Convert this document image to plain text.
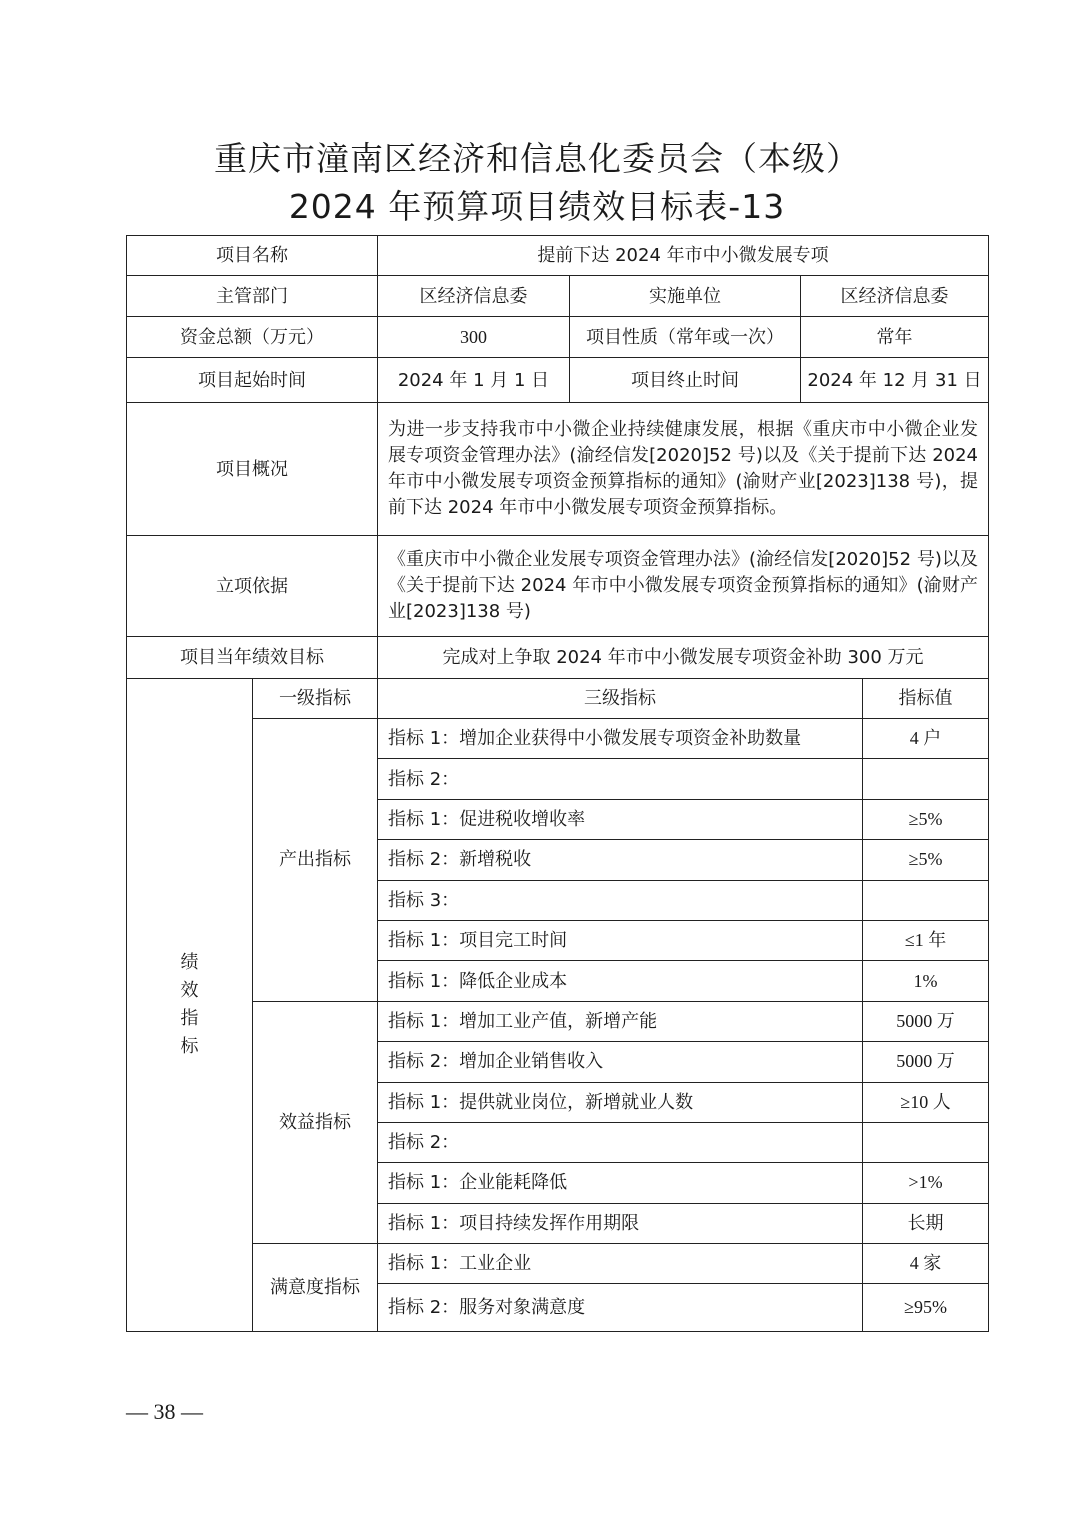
重庆市潼南区经济和信息化委员会（本级）
2024 年预算项目绩效目标表-13
项目名称		提前下达 2024 年市中小微发展专项			
主管部门		区经济信息委	实施单位	区经济信息委	
资金总额（万元）		300	项目性质（常年或一次）	常年	
项目起始时间		2024 年 1 月 1 日	项目终止时间	2024 年 12 月 31 日	
项目概况		为进一步支持我市中小微企业持续健康发展，根据《重庆市中小微企业发展专项资金管理办法》(渝经信发[2020]52 号)以及《关于提前下达 2024 年市中小微发展专项资金预算指标的通知》(渝财产业[2023]138 号)，提前下达 2024 年市中小微发展专项资金预算指标。			
立项依据		《重庆市中小微企业发展专项资金管理办法》(渝经信发[2020]52 号)以及《关于提前下达 2024 年市中小微发展专项资金预算指标的通知》(渝财产业[2023]138 号)			
项目当年绩效目标		完成对上争取 2024 年市中小微发展专项资金补助 300 万元			
绩效指标	一级指标	三级指标			指标值
	产出指标	指标 1：增加企业获得中小微发展专项资金补助数量			4 户
		指标 2：			
		指标 1：促进税收增收率			≥5%
		指标 2：新增税收			≥5%
		指标 3：			
		指标 1：项目完工时间			≤1 年
		指标 1：降低企业成本			1%
	效益指标	指标 1：增加工业产值，新增产能			5000 万
		指标 2：增加企业销售收入			5000 万
		指标 1：提供就业岗位，新增就业人数			≥10 人
		指标 2：			
		指标 1：企业能耗降低			>1%
		指标 1：项目持续发挥作用期限			长期
	满意度指标	指标 1：工业企业			4 家
		指标 2：服务对象满意度			≥95%
— 38 —
